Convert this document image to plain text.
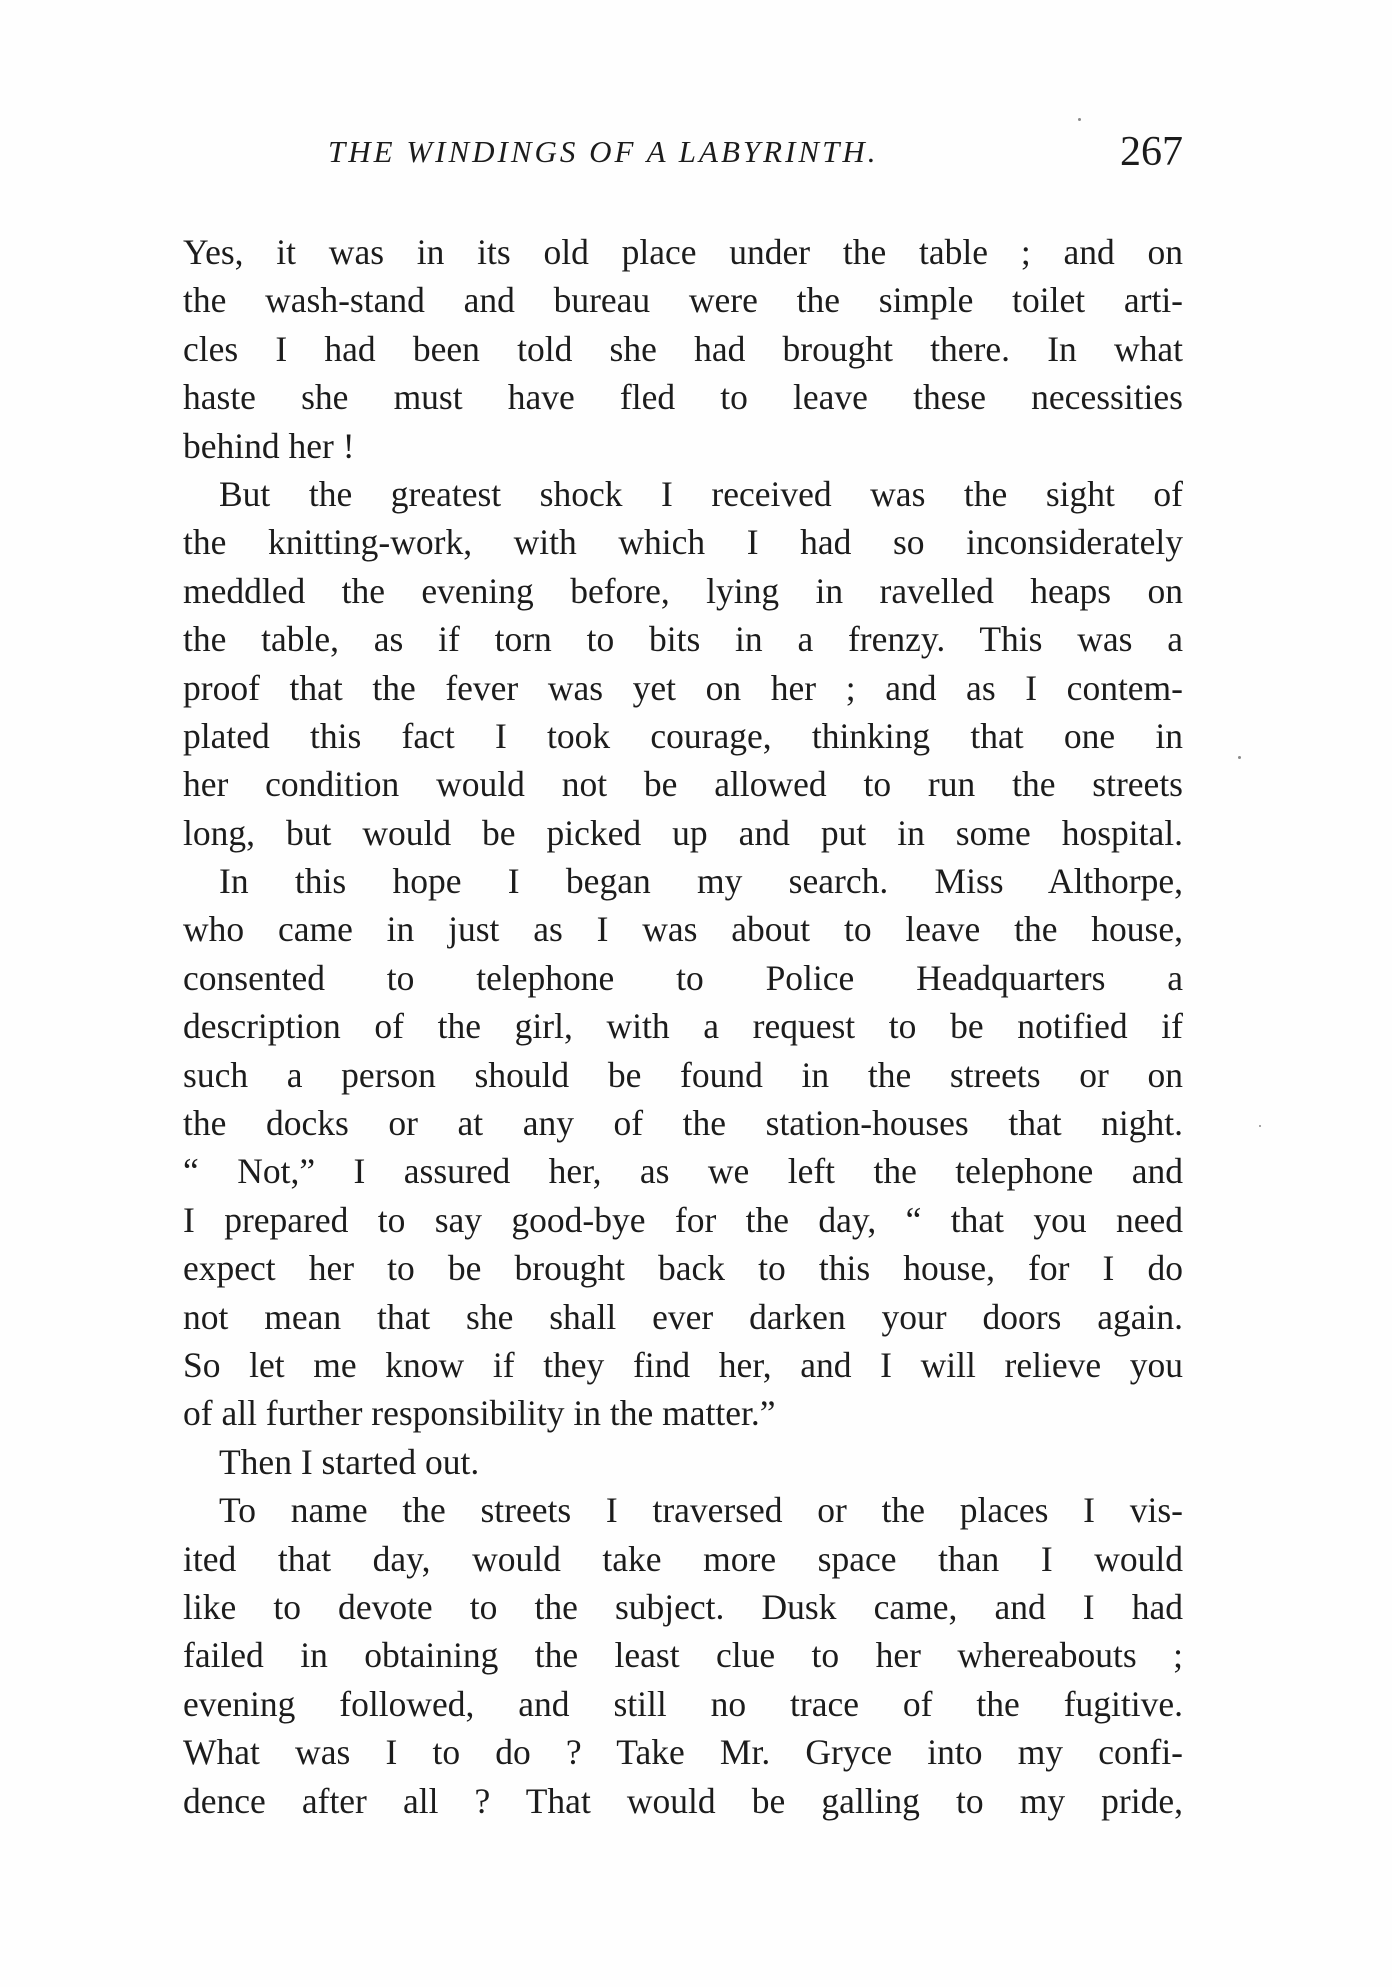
THE WINDINGS OF A LABYRINTH.	267
Yes, it was in its old place under the table ; and on
the wash-stand and bureau were the simple toilet arti-
cles I had been told she had brought there. In what
haste she must have fled to leave these necessities
behind her !
But the greatest shock I received was the sight of
the knitting-work, with which I had so inconsiderately
meddled the evening before, lying in ravelled heaps on
the table, as if torn to bits in a frenzy. This was a
proof that the fever was yet on her ; and as I contem-
plated this fact I took courage, thinking that one in
her condition would not be allowed to run the streets
long, but would be picked up and put in some hospital.
In this hope I began my search. Miss Althorpe,
who came in just as I was about to leave the house,
consented to telephone to Police Headquarters a
description of the girl, with a request to be notified if
such a person should be found in the streets or on
the docks or at any of the station-houses that night.
“ Not,” I assured her, as we left the telephone and
I prepared to say good-bye for the day, “ that you need
expect her to be brought back to this house, for I do
not mean that she shall ever darken your doors again.
So let me know if they find her, and I will relieve you
of all further responsibility in the matter.”
Then I started out.
To name the streets I traversed or the places I vis-
ited that day, would take more space than I would
like to devote to the subject. Dusk came, and I had
failed in obtaining the least clue to her whereabouts ;
evening followed, and still no trace of the fugitive.
What was I to do ? Take Mr. Gryce into my confi-
dence after all ? That would be galling to my pride,
